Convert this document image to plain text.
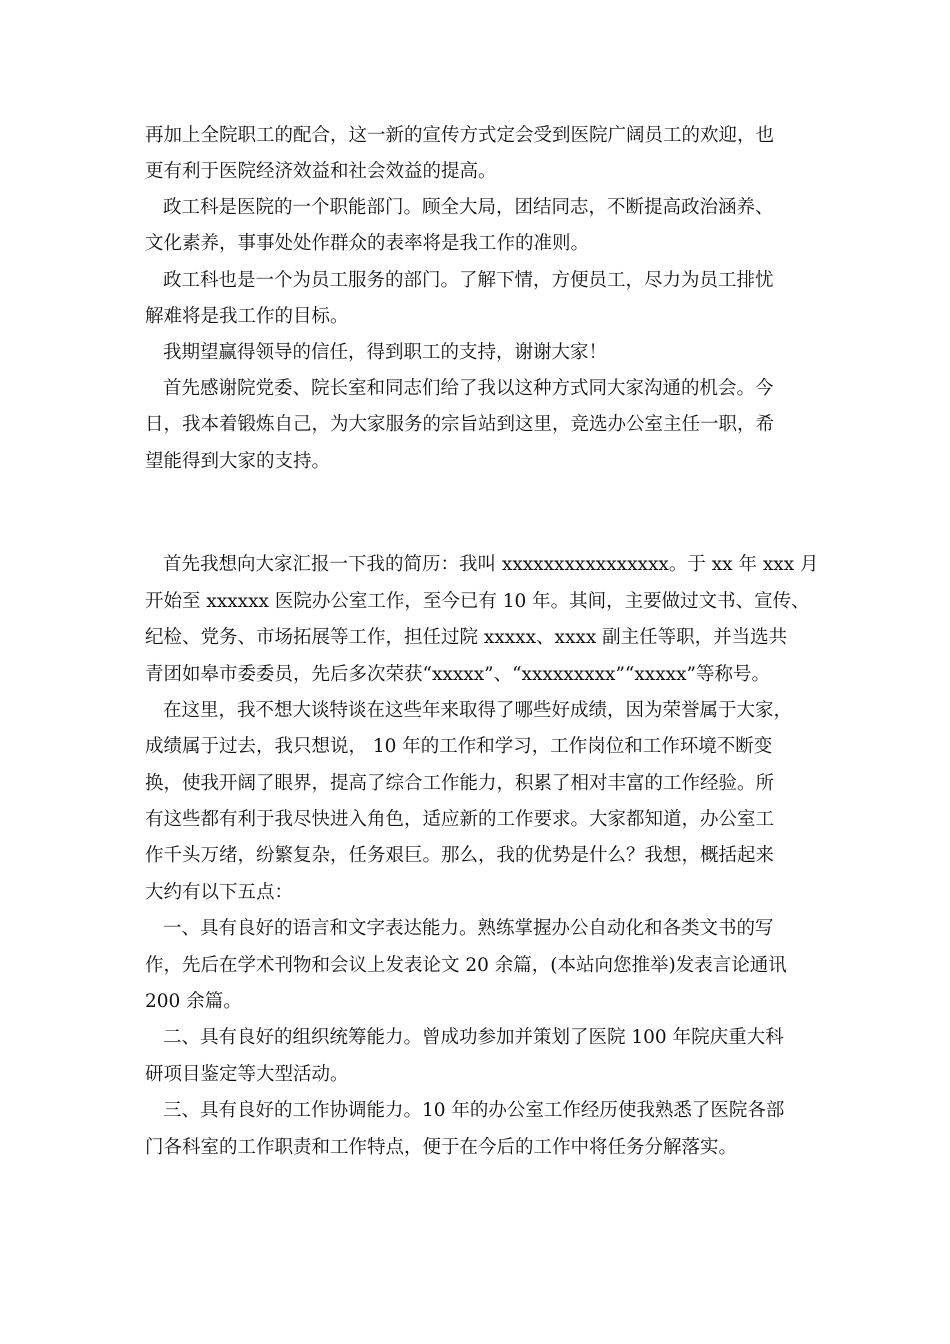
再加上全院职工的配合，这一新的宣传方式定会受到医院广阔员工的欢迎，也

更有利于医院经济效益和社会效益的提高。

政工科是医院的一个职能部门。顾全大局，团结同志，不断提高政治涵养、

文化素养，事事处处作群众的表率将是我工作的准则。

政工科也是一个为员工服务的部门。了解下情，方便员工，尽力为员工排忧

解难将是我工作的目标。

我期望赢得领导的信任，得到职工的支持，谢谢大家！

首先感谢院党委、院长室和同志们给了我以这种方式同大家沟通的机会。今

日，我本着锻炼自己，为大家服务的宗旨站到这里，竞选办公室主任一职，希

望能得到大家的支持。

首先我想向大家汇报一下我的简历：我叫 xxxxxxxxxxxxxxxx。于 xx 年 xxx 月

开始至 xxxxxx 医院办公室工作，至今已有 10 年。其间，主要做过文书、宣传、

纪检、党务、市场拓展等工作，担任过院 xxxxx、xxxx 副主任等职，并当选共

青团如皋市委委员，先后多次荣获“xxxxx”、“xxxxxxxxx”“xxxxx”等称号。

在这里，我不想大谈特谈在这些年来取得了哪些好成绩，因为荣誉属于大家，

成绩属于过去，我只想说， 10 年的工作和学习，工作岗位和工作环境不断变

换，使我开阔了眼界，提高了综合工作能力，积累了相对丰富的工作经验。所

有这些都有利于我尽快进入角色，适应新的工作要求。大家都知道，办公室工

作千头万绪，纷繁复杂，任务艰巨。那么，我的优势是什么？我想，概括起来

大约有以下五点：

一、具有良好的语言和文字表达能力。熟练掌握办公自动化和各类文书的写

作，先后在学术刊物和会议上发表论文 20 余篇，(本站向您推举)发表言论通讯

200 余篇。

二、具有良好的组织统筹能力。曾成功参加并策划了医院 100 年院庆重大科

研项目鉴定等大型活动。

三、具有良好的工作协调能力。10 年的办公室工作经历使我熟悉了医院各部

门各科室的工作职责和工作特点，便于在今后的工作中将任务分解落实。
